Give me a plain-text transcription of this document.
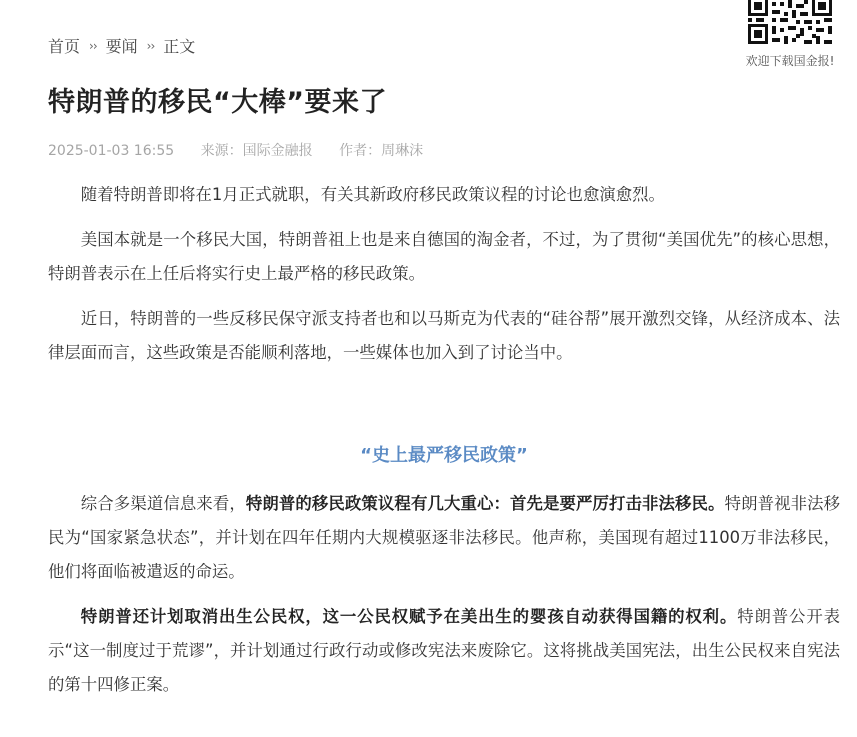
首页 ›› 要闻 ›› 正文
欢迎下载国金报!
特朗普的移民“大棒”要来了
2025-01-03 16:55 来源：国际金融报 作者：周琳沫

随着特朗普即将在1月正式就职，有关其新政府移民政策议程的讨论也愈演愈烈。

美国本就是一个移民大国，特朗普祖上也是来自德国的淘金者，不过，为了贯彻“美国优先”的核心思想，特朗普表示在上任后将实行史上最严格的移民政策。

近日，特朗普的一些反移民保守派支持者也和以马斯克为代表的“硅谷帮”展开激烈交锋，从经济成本、法律层面而言，这些政策是否能顺利落地，一些媒体也加入到了讨论当中。

“史上最严移民政策”

综合多渠道信息来看，特朗普的移民政策议程有几大重心：首先是要严厉打击非法移民。特朗普视非法移民为“国家紧急状态”，并计划在四年任期内大规模驱逐非法移民。他声称，美国现有超过1100万非法移民，他们将面临被遣返的命运。

特朗普还计划取消出生公民权，这一公民权赋予在美出生的婴孩自动获得国籍的权利。特朗普公开表示“这一制度过于荒谬”，并计划通过行政行动或修改宪法来废除它。这将挑战美国宪法，出生公民权来自宪法的第十四修正案。
